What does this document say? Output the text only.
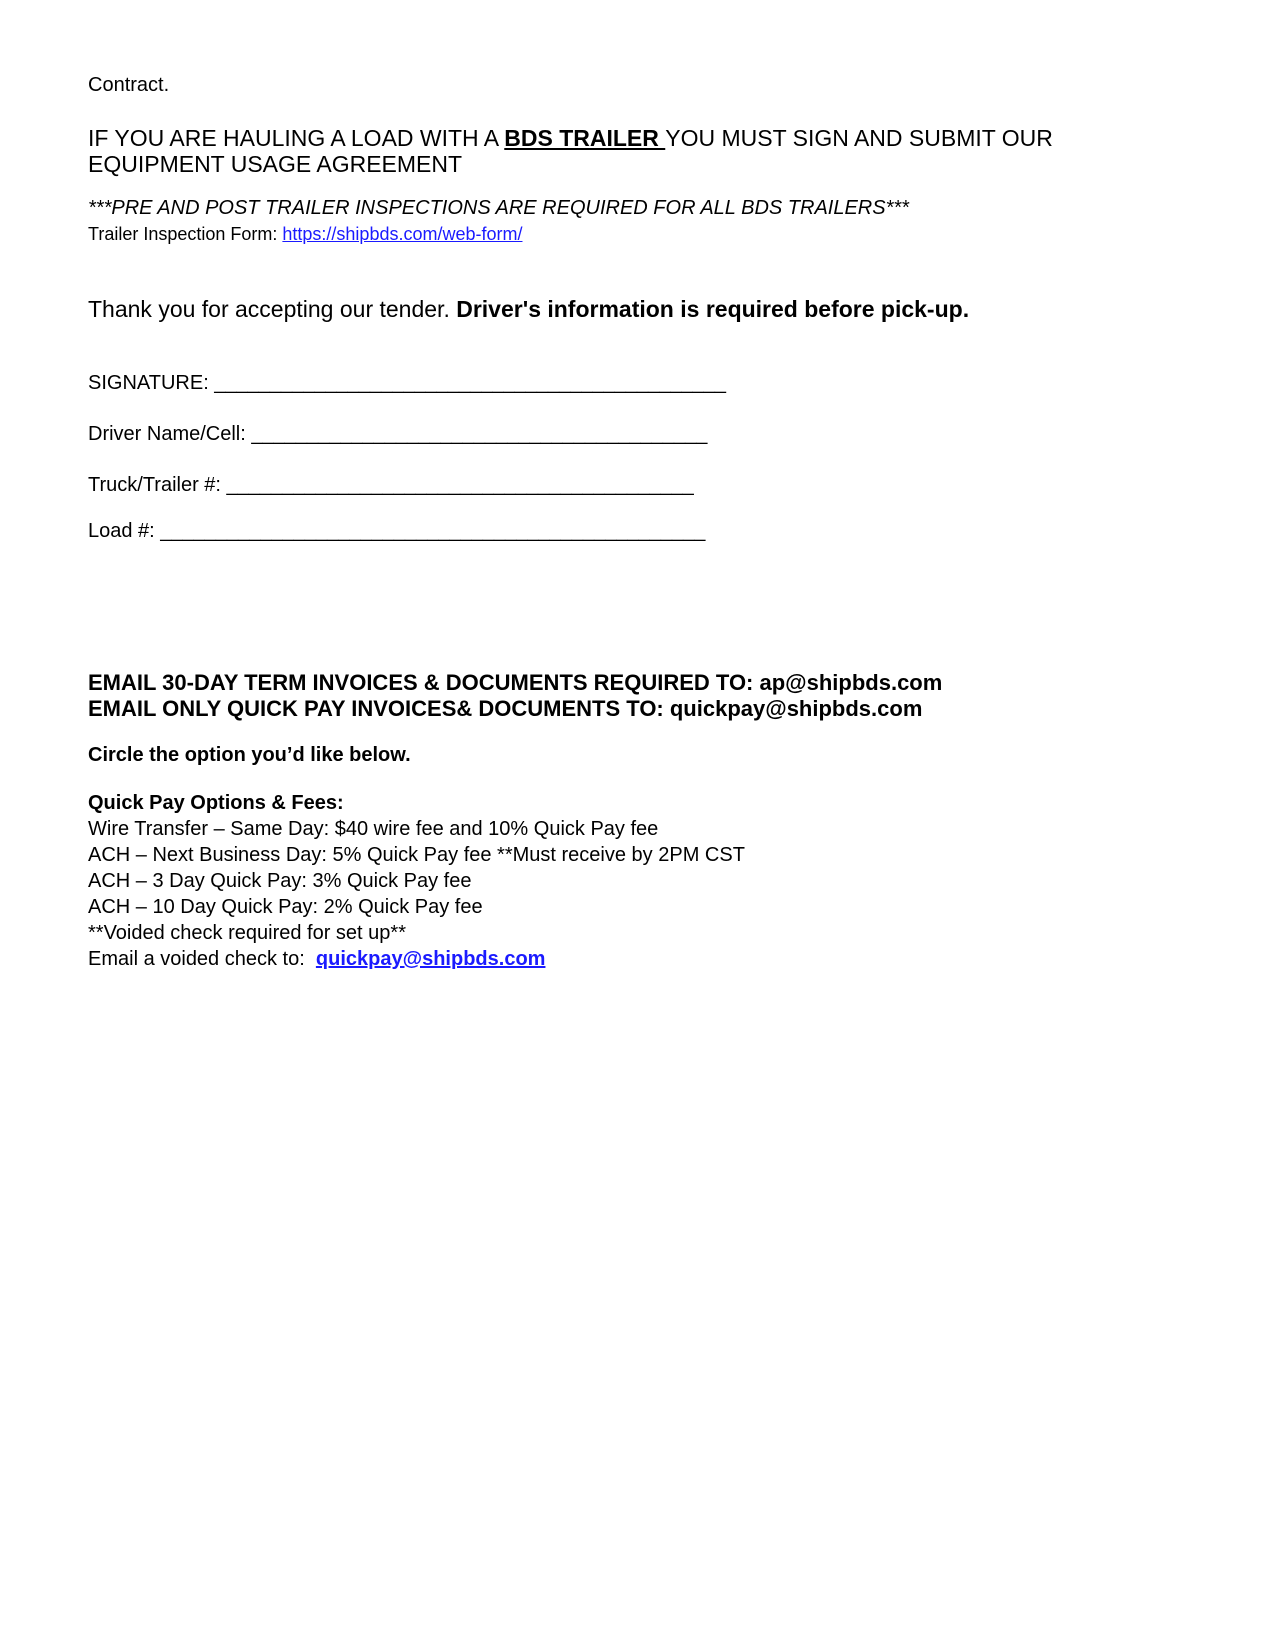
Contract.
IF YOU ARE HAULING A LOAD WITH A BDS TRAILER YOU MUST SIGN AND SUBMIT OUR
EQUIPMENT USAGE AGREEMENT
***PRE AND POST TRAILER INSPECTIONS ARE REQUIRED FOR ALL BDS TRAILERS***
Trailer Inspection Form: https://shipbds.com/web-form/
Thank you for accepting our tender. Driver's information is required before pick-up.
SIGNATURE: ______________________________________________
Driver Name/Cell: _________________________________________
Truck/Trailer #: __________________________________________
Load #: _________________________________________________
EMAIL 30-DAY TERM INVOICES & DOCUMENTS REQUIRED TO: ap@shipbds.com
EMAIL ONLY QUICK PAY INVOICES& DOCUMENTS TO: quickpay@shipbds.com
Circle the option you’d like below.
Quick Pay Options & Fees:
Wire Transfer – Same Day: $40 wire fee and 10% Quick Pay fee
ACH – Next Business Day: 5% Quick Pay fee **Must receive by 2PM CST
ACH – 3 Day Quick Pay: 3% Quick Pay fee
ACH – 10 Day Quick Pay: 2% Quick Pay fee
**Voided check required for set up**
Email a voided check to:  quickpay@shipbds.com
